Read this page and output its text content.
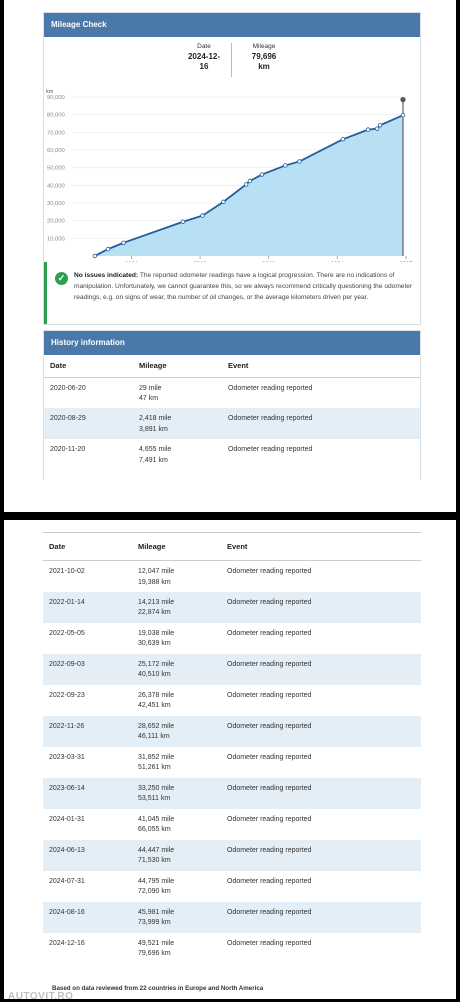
Mileage Check
Date
2024-12-
16
Mileage
79,696
km
km
10,000
20,000
30,000
40,000
50,000
60,000
70,000
80,000
90,000
✓	No issues indicated: The reported odometer readings have a logical progression. There are no indications of manipulation. Unfortunately, we cannot guarantee this, so we always recommend critically questioning the odometer readings, e.g. on signs of wear, the number of oil changes, or the average kilometers driven per year.
History information
Date	Mileage	Event
2020-06-20	29 mile
47 km	Odometer reading reported
2020-08-29	2,418 mile
3,891 km	Odometer reading reported
2020-11-20	4,655 mile
7,491 km	Odometer reading reported
Date	Mileage	Event
2021-10-02	12,047 mile
19,388 km	Odometer reading reported
2022-01-14	14,213 mile
22,874 km	Odometer reading reported
2022-05-05	19,038 mile
30,639 km	Odometer reading reported
2022-09-03	25,172 mile
40,510 km	Odometer reading reported
2022-09-23	26,378 mile
42,451 km	Odometer reading reported
2022-11-26	28,652 mile
46,111 km	Odometer reading reported
2023-03-31	31,852 mile
51,261 km	Odometer reading reported
2023-06-14	33,250 mile
53,511 km	Odometer reading reported
2024-01-31	41,045 mile
66,055 km	Odometer reading reported
2024-06-13	44,447 mile
71,530 km	Odometer reading reported
2024-07-31	44,795 mile
72,090 km	Odometer reading reported
2024-08-16	45,981 mile
73,999 km	Odometer reading reported
2024-12-16	49,521 mile
79,696 km	Odometer reading reported
Based on data reviewed from 22 countries in Europe and North America
AUTOVIT.RO
